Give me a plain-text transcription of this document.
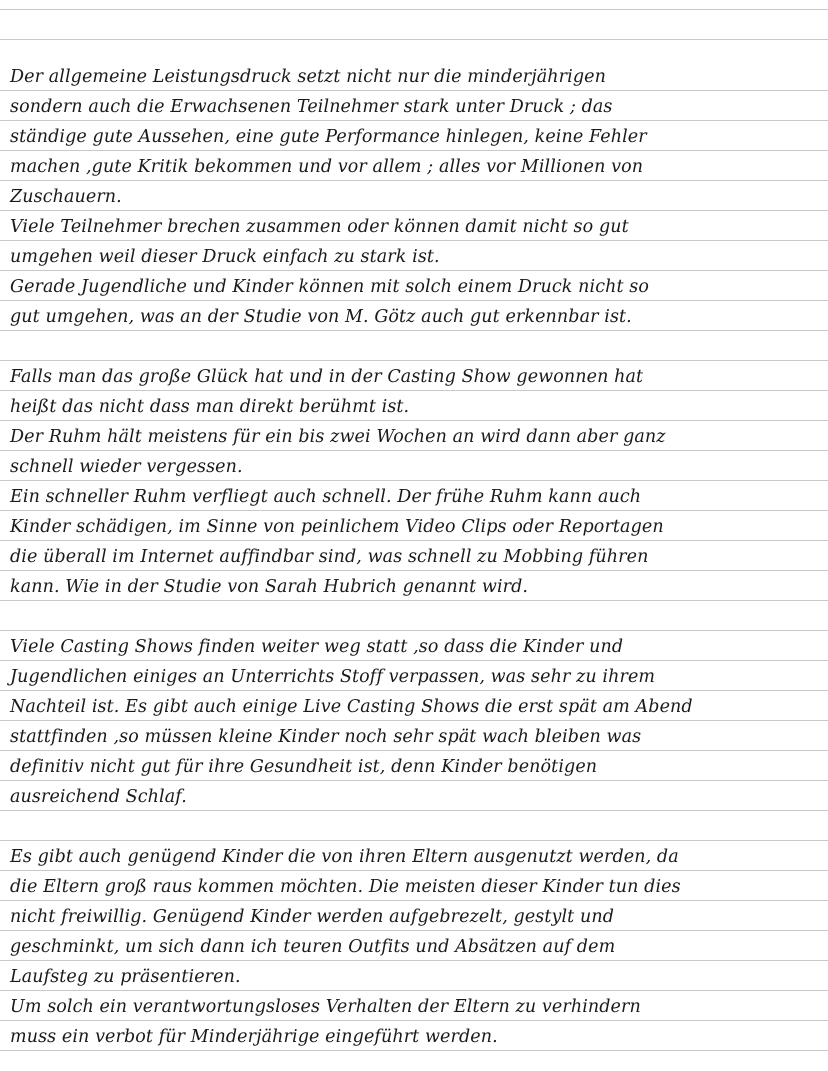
Der allgemeine Leistungsdruck setzt nicht nur die minderjährigen
sondern auch die Erwachsenen Teilnehmer stark unter Druck ; das
ständige gute Aussehen, eine gute Performance hinlegen, keine Fehler
machen ,gute Kritik bekommen und vor allem ; alles vor Millionen von
Zuschauern.
Viele Teilnehmer brechen zusammen oder können damit nicht so gut
umgehen weil dieser Druck einfach zu stark ist.
Gerade Jugendliche und Kinder können mit solch einem Druck nicht so
gut umgehen, was an der Studie von M. Götz auch gut erkennbar ist.
Falls man das große Glück hat und in der Casting Show gewonnen hat
heißt das nicht dass man direkt berühmt ist.
Der Ruhm hält meistens für ein bis zwei Wochen an wird dann aber ganz
schnell wieder vergessen.
Ein schneller Ruhm verfliegt auch schnell. Der frühe Ruhm kann auch
Kinder schädigen, im Sinne von peinlichem Video Clips oder Reportagen
die überall im Internet auffindbar sind, was schnell zu Mobbing führen
kann. Wie in der Studie von Sarah Hubrich genannt wird.
Viele Casting Shows finden weiter weg statt ,so dass die Kinder und
Jugendlichen einiges an Unterrichts Stoff verpassen, was sehr zu ihrem
Nachteil ist. Es gibt auch einige Live Casting Shows die erst spät am Abend
stattfinden ,so müssen kleine Kinder noch sehr spät wach bleiben was
definitiv nicht gut für ihre Gesundheit ist, denn Kinder benötigen
ausreichend Schlaf.
Es gibt auch genügend Kinder die von ihren Eltern ausgenutzt werden, da
die Eltern groß raus kommen möchten. Die meisten dieser Kinder tun dies
nicht freiwillig. Genügend Kinder werden aufgebrezelt, gestylt und
geschminkt, um sich dann ich teuren Outfits und Absätzen auf dem
Laufsteg zu präsentieren.
Um solch ein verantwortungsloses Verhalten der Eltern zu verhindern
muss ein verbot für Minderjährige eingeführt werden.
